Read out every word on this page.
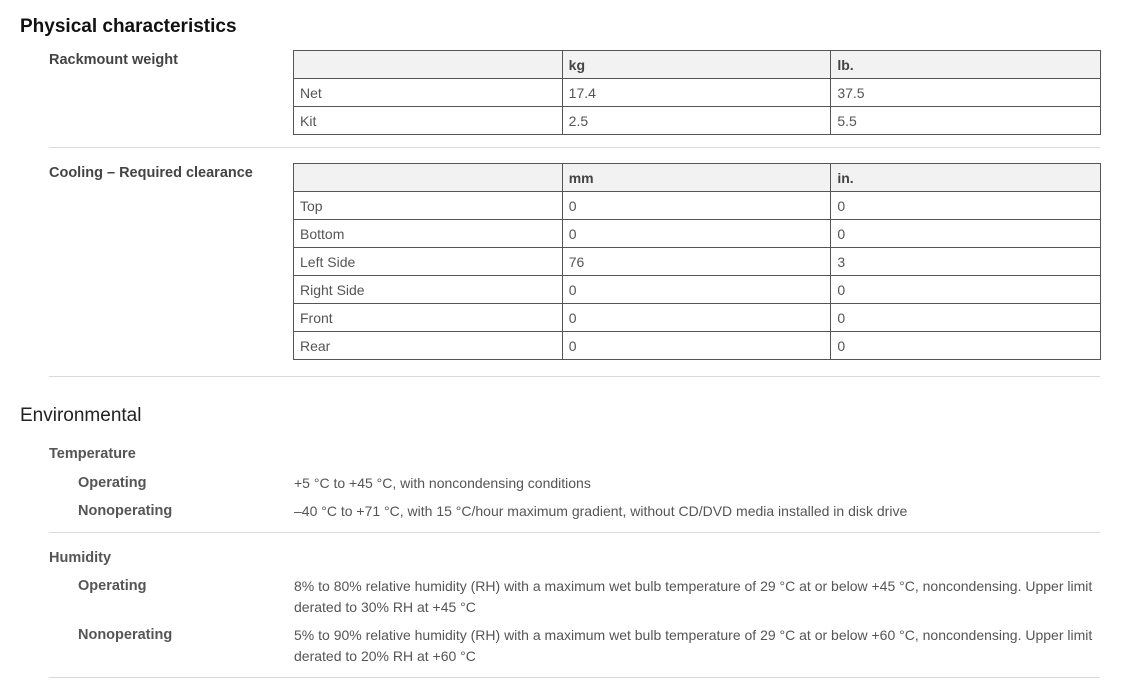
Physical characteristics
Rackmount weight
		kg	lb.
Net	17.4	37.5
Kit	2.5	5.5
Cooling – Required clearance
		mm	in.
Top	0	0
Bottom	0	0
Left Side	76	3
Right Side	0	0
Front	0	0
Rear	0	0
Environmental
Temperature
Operating	+5 °C to +45 °C, with noncondensing conditions
Nonoperating	–40 °C to +71 °C, with 15 °C/hour maximum gradient, without CD/DVD media installed in disk drive
Humidity
Operating	8% to 80% relative humidity (RH) with a maximum wet bulb temperature of 29 °C at or below +45 °C, noncondensing. Upper limit derated to 30% RH at +45 °C
Nonoperating	5% to 90% relative humidity (RH) with a maximum wet bulb temperature of 29 °C at or below +60 °C, noncondensing. Upper limit derated to 20% RH at +60 °C
